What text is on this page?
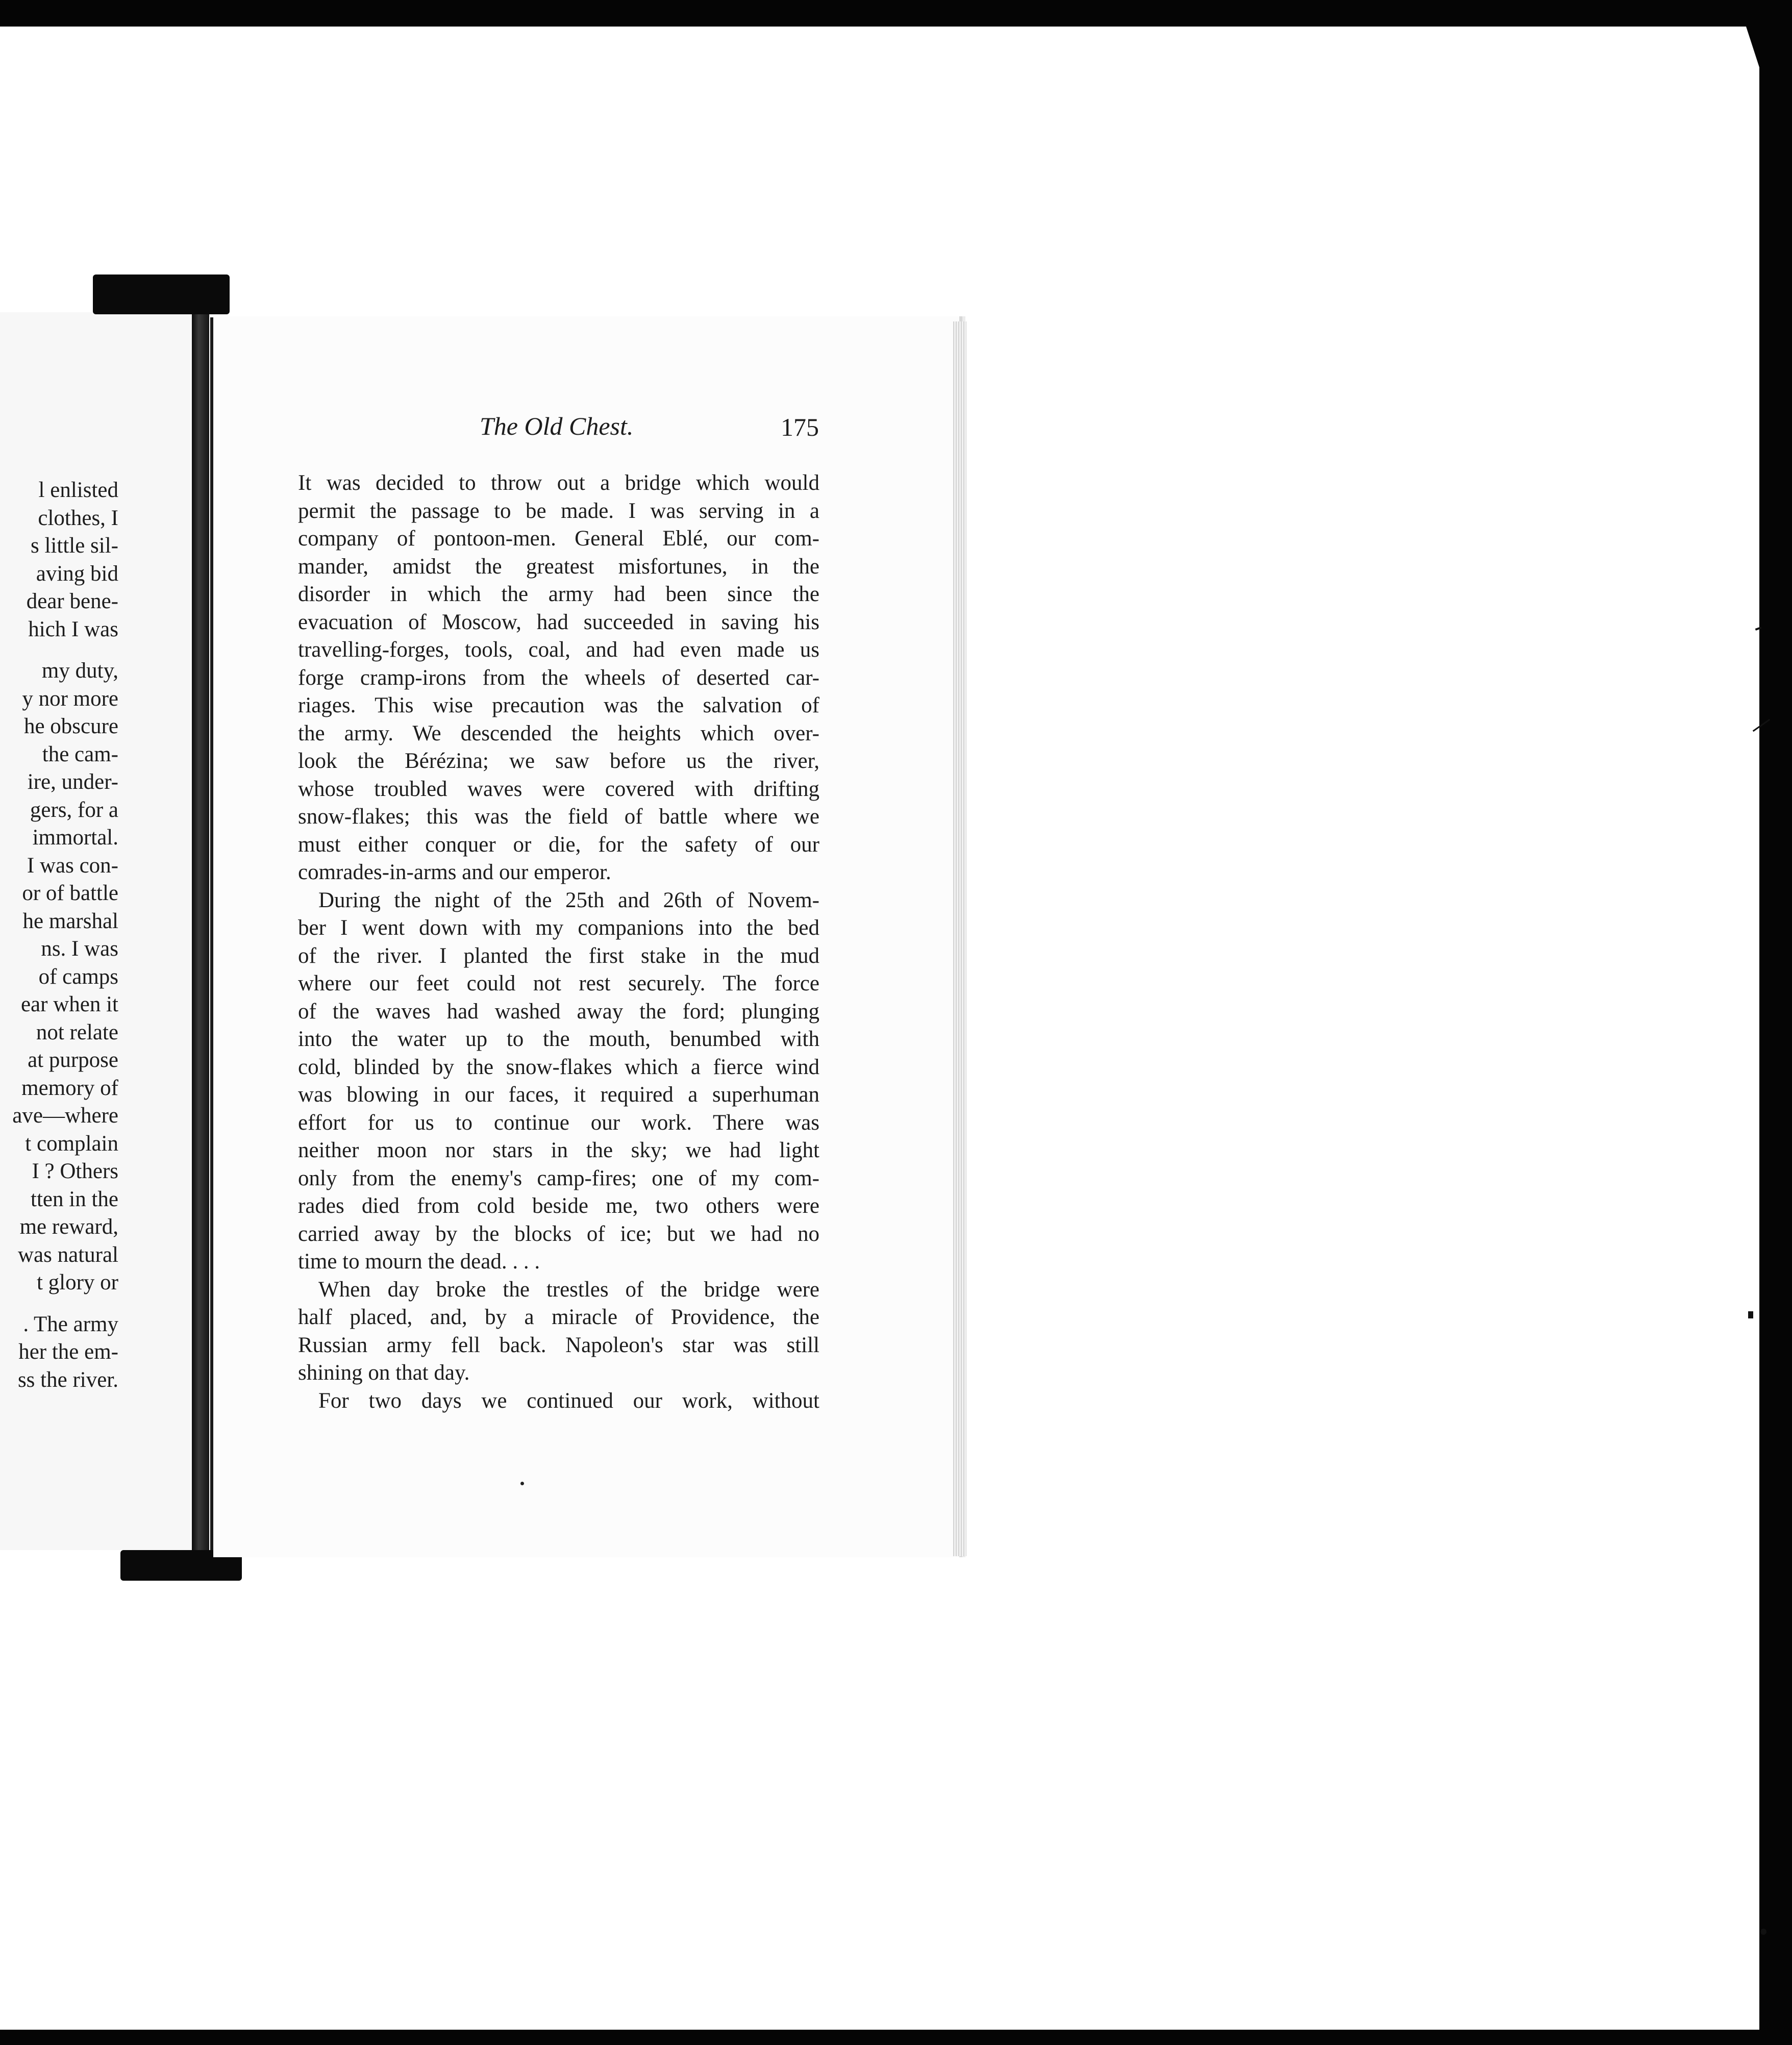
l enlisted
clothes, I
s little sil-
aving bid
dear bene-
hich I was
my duty,
y nor more
he obscure
the cam-
ire, under-
gers, for a
immortal.
I was con-
or of battle
he marshal
ns. I was
of camps
ear when it
not relate
at purpose
memory of
ave—where
t complain
I ? Others
tten in the
me reward,
was natural
t glory or
. The army
her the em-
ss the river.
The Old Chest.	175
It was decided to throw out a bridge which would
permit the passage to be made. I was serving in a
company of pontoon-men. General Eblé, our com-
mander, amidst the greatest misfortunes, in the
disorder in which the army had been since the
evacuation of Moscow, had succeeded in saving his
travelling-forges, tools, coal, and had even made us
forge cramp-irons from the wheels of deserted car-
riages. This wise precaution was the salvation of
the army. We descended the heights which over-
look the Bérézina; we saw before us the river,
whose troubled waves were covered with drifting
snow-flakes; this was the field of battle where we
must either conquer or die, for the safety of our
comrades-in-arms and our emperor.
During the night of the 25th and 26th of Novem-
ber I went down with my companions into the bed
of the river. I planted the first stake in the mud
where our feet could not rest securely. The force
of the waves had washed away the ford; plunging
into the water up to the mouth, benumbed with
cold, blinded by the snow-flakes which a fierce wind
was blowing in our faces, it required a superhuman
effort for us to continue our work. There was
neither moon nor stars in the sky; we had light
only from the enemy's camp-fires; one of my com-
rades died from cold beside me, two others were
carried away by the blocks of ice; but we had no
time to mourn the dead. . . .
When day broke the trestles of the bridge were
half placed, and, by a miracle of Providence, the
Russian army fell back. Napoleon's star was still
shining on that day.
For two days we continued our work, without
